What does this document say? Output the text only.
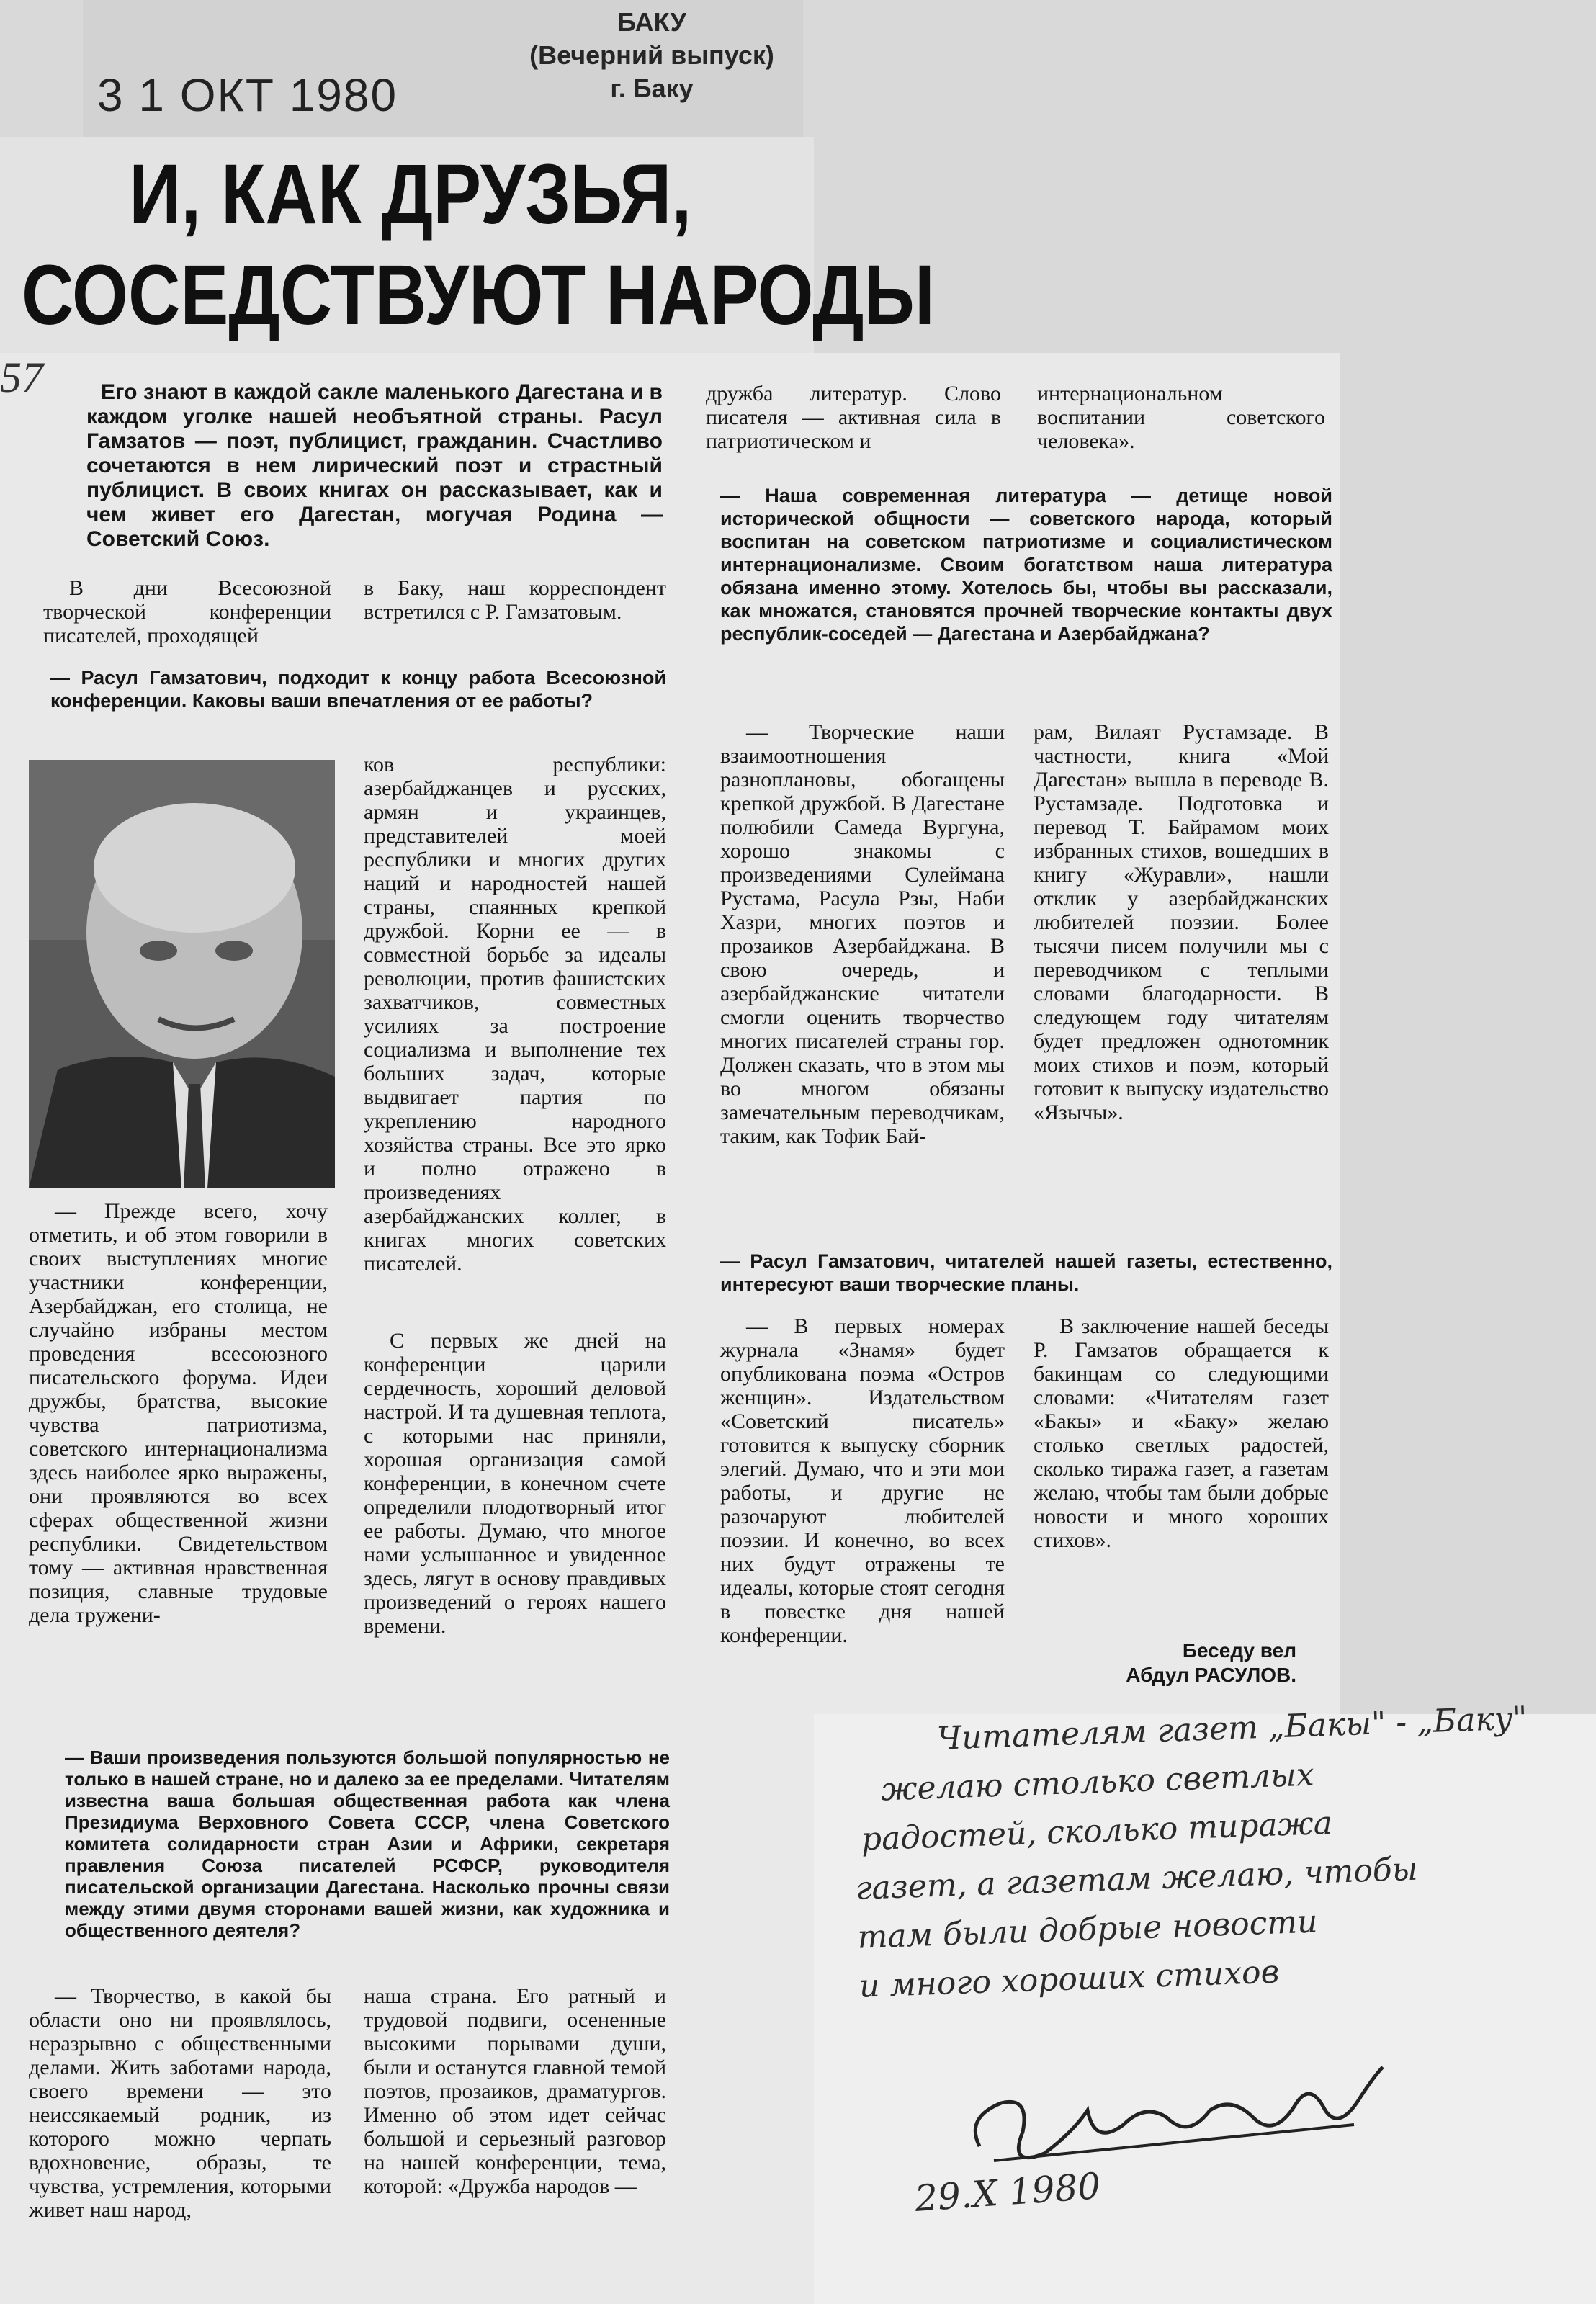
3 1 ОКТ 1980
БАКУ
(Вечерний выпуск)
г. Баку
И, КАК ДРУЗЬЯ,
СОСЕДСТВУЮТ НАРОДЫ
57	Его знают в каждой сакле маленького Дагестана и в каждом уголке нашей необъятной страны. Расул Гамзатов — поэт, публицист, гражданин. Счастливо сочетаются в нем лирический поэт и страстный публицист. В своих книгах он рассказывает, как и чем живет его Дагестан, могучая Родина — Советский Союз.
В дни Всесоюзной творческой конференции писателей, проходящей
в Баку, наш корреспондент встретился с Р. Гамзатовым.
— Расул Гамзатович, подходит к концу работа Всесоюзной конференции. Каковы ваши впечатления от ее работы?
— Прежде всего, хочу отметить, и об этом говорили в своих выступлениях многие участники конференции, Азербайджан, его столица, не случайно избраны местом проведения всесоюзного писательского форума. Идеи дружбы, братства, высокие чувства патриотизма, советского интернационализма здесь наиболее ярко выражены, они проявляются во всех сферах общественной жизни республики. Свидетельством тому — активная нравственная позиция, славные трудовые дела тружени-
ков республики: азербайджанцев и русских, армян и украинцев, представителей моей республики и многих других наций и народностей нашей страны, спаянных крепкой дружбой. Корни ее — в совместной борьбе за идеалы революции, против фашистских захватчиков, совместных усилиях за построение социализма и выполнение тех больших задач, которые выдвигает партия по укреплению народного хозяйства страны. Все это ярко и полно отражено в произведениях азербайджанских коллег, в книгах многих советских писателей.
С первых же дней на конференции царили сердечность, хороший деловой настрой. И та душевная теплота, с которыми нас приняли, хорошая организация самой конференции, в конечном счете определили плодотворный итог ее работы. Думаю, что многое нами услышанное и увиденное здесь, лягут в основу правдивых произведений о героях нашего времени.
— Ваши произведения пользуются большой популярностью не только в нашей стране, но и далеко за ее пределами. Читателям известна ваша большая общественная работа как члена Президиума Верховного Совета СССР, члена Советского комитета солидарности стран Азии и Африки, секретаря правления Союза писателей РСФСР, руководителя писательской организации Дагестана. Насколько прочны связи между этими двумя сторонами вашей жизни, как художника и общественного деятеля?
— Творчество, в какой бы области оно ни проявлялось, неразрывно с общественными делами. Жить заботами народа, своего времени — это неиссякаемый родник, из которого можно черпать вдохновение, образы, те чувства, устремления, которыми живет наш народ,
наша страна. Его ратный и трудовой подвиги, осененные высокими порывами души, были и останутся главной темой поэтов, прозаиков, драматургов. Именно об этом идет сейчас большой и серьезный разговор на нашей конференции, тема, которой: «Дружба народов —
дружба литератур. Слово писателя — активная сила в патриотическом и
интернациональном воспитании советского человека».
— Наша современная литература — детище новой исторической общности — советского народа, который воспитан на советском патриотизме и социалистическом интернационализме. Своим богатством наша литература обязана именно этому. Хотелось бы, чтобы вы рассказали, как множатся, становятся прочней творческие контакты двух республик-соседей — Дагестана и Азербайджана?
— Творческие наши взаимоотношения разноплановы, обогащены крепкой дружбой. В Дагестане полюбили Самеда Вургуна, хорошо знакомы с произведениями Сулеймана Рустама, Расула Рзы, Наби Хазри, многих поэтов и прозаиков Азербайджана. В свою очередь, и азербайджанские читатели смогли оценить творчество многих писателей страны гор. Должен сказать, что в этом мы во многом обязаны замечательным переводчикам, таким, как Тофик Бай-
рам, Вилаят Рустамзаде. В частности, книга «Мой Дагестан» вышла в переводе В. Рустамзаде. Подготовка и перевод Т. Байрамом моих избранных стихов, вошедших в книгу «Журавли», нашли отклик у азербайджанских любителей поэзии. Более тысячи писем получили мы с переводчиком с теплыми словами благодарности. В следующем году читателям будет предложен однотомник моих стихов и поэм, который готовит к выпуску издательство «Язычы».
— Расул Гамзатович, читателей нашей газеты, естественно, интересуют ваши творческие планы.
— В первых номерах журнала «Знамя» будет опубликована поэма «Остров женщин». Издательством «Советский писатель» готовится к выпуску сборник элегий. Думаю, что и эти мои работы, и другие не разочаруют любителей поэзии. И конечно, во всех них будут отражены те идеалы, которые стоят сегодня в повестке дня нашей конференции.
В заключение нашей беседы Р. Гамзатов обращается к бакинцам со следующими словами: «Читателям газет «Бакы» и «Баку» желаю столько светлых радостей, сколько тиража газет, а газетам желаю, чтобы там были добрые новости и много хороших стихов».
Беседу вел
Абдул РАСУЛОВ.
Читателям газет „Бакы" - „Баку"
желаю столько светлых
радостей, сколько тиража
газет, а газетам желаю, чтобы
там были добрые новости
и много хороших стихов
29.X 1980
